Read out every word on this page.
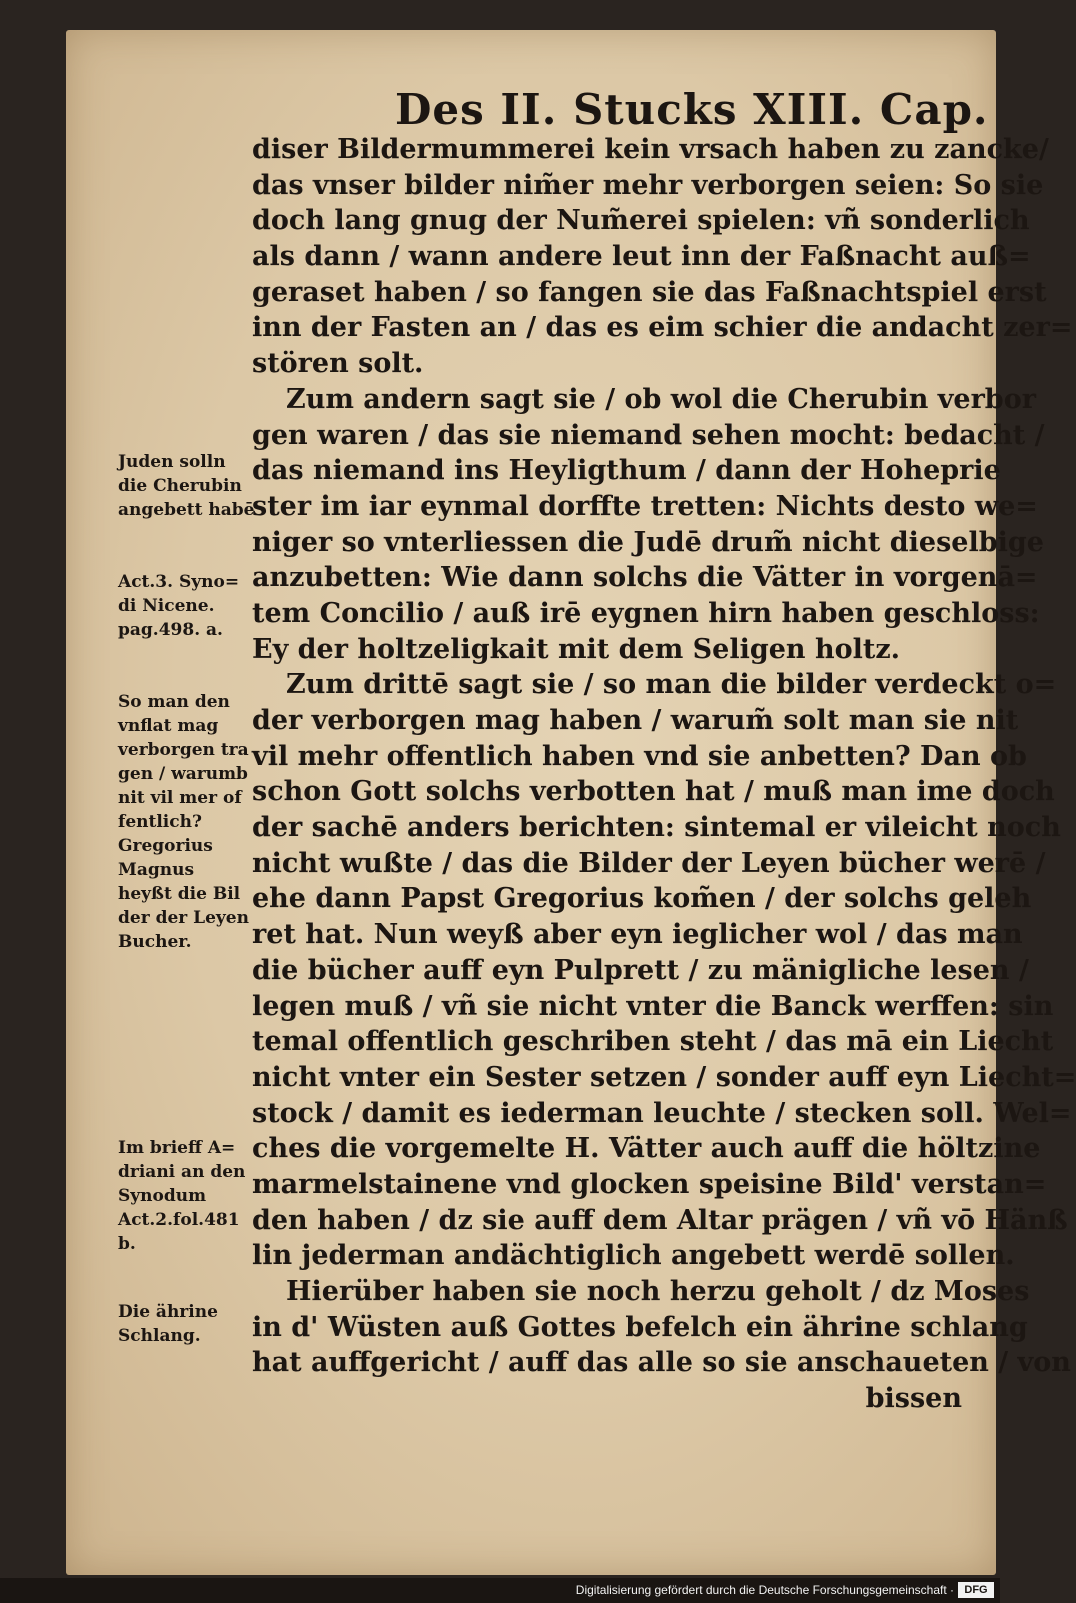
Des II. Stucks XIII. Cap.
diser Bildermummerei kein vrsach haben zu zancke/
das vnser bilder nim̃er mehr verborgen seien: So sie
doch lang gnug der Num̃erei spielen: vñ sonderlich
als dann / wann andere leut inn der Faßnacht auß=
geraset haben / so fangen sie das Faßnachtspiel erst
inn der Fasten an / das es eim schier die andacht zer=
stören solt.
Zum andern sagt sie / ob wol die Cherubin verbor
gen waren / das sie niemand sehen mocht: bedacht /
das niemand ins Heyligthum / dann der Hoheprie
ster im iar eynmal dorffte tretten: Nichts desto we=
niger so vnterliessen die Judē drum̃ nicht dieselbige
anzubetten: Wie dann solchs die Vätter in vorgenā=
tem Concilio / auß irē eygnen hirn haben geschloss:
Ey der holtzeligkait mit dem Seligen holtz.
Zum drittē sagt sie / so man die bilder verdeckt o=
der verborgen mag haben / warum̃ solt man sie nit
vil mehr offentlich haben vnd sie anbetten? Dan ob
schon Gott solchs verbotten hat / muß man ime doch
der sachē anders berichten: sintemal er vileicht noch
nicht wußte / das die Bilder der Leyen bücher werē /
ehe dann Papst Gregorius kom̃en / der solchs geleh
ret hat. Nun weyß aber eyn ieglicher wol / das man
die bücher auff eyn Pulprett / zu mänigliche lesen /
legen muß / vñ sie nicht vnter die Banck werffen: sin
temal offentlich geschriben steht / das mā ein Liecht
nicht vnter ein Sester setzen / sonder auff eyn Liecht=
stock / damit es iederman leuchte / stecken soll. Wel=
ches die vorgemelte H. Vätter auch auff die höltzine
marmelstainene vnd glocken speisine Bild' verstan=
den haben / dz sie auff dem Altar prägen / vñ vō Hänß
lin jederman andächtiglich angebett werdē sollen.
Hierüber haben sie noch herzu geholt / dz Moses
in d' Wüsten auß Gottes befelch ein ährine schlang
hat auffgericht / auff das alle so sie anschaueten / von
bissen
Juden solln
die Cherubin
angebett habē
Act.3. Syno=
di Nicene.
pag.498. a.
So man den
vnflat mag
verborgen tra
gen / warumb
nit vil mer of
fentlich?
Gregorius
Magnus
heyßt die Bil
der der Leyen
Bucher.
Im brieff A=
driani an den
Synodum
Act.2.fol.481
b.
Die ährine
Schlang.
Digitalisierung gefördert durch die Deutsche Forschungsgemeinschaft · DFG
